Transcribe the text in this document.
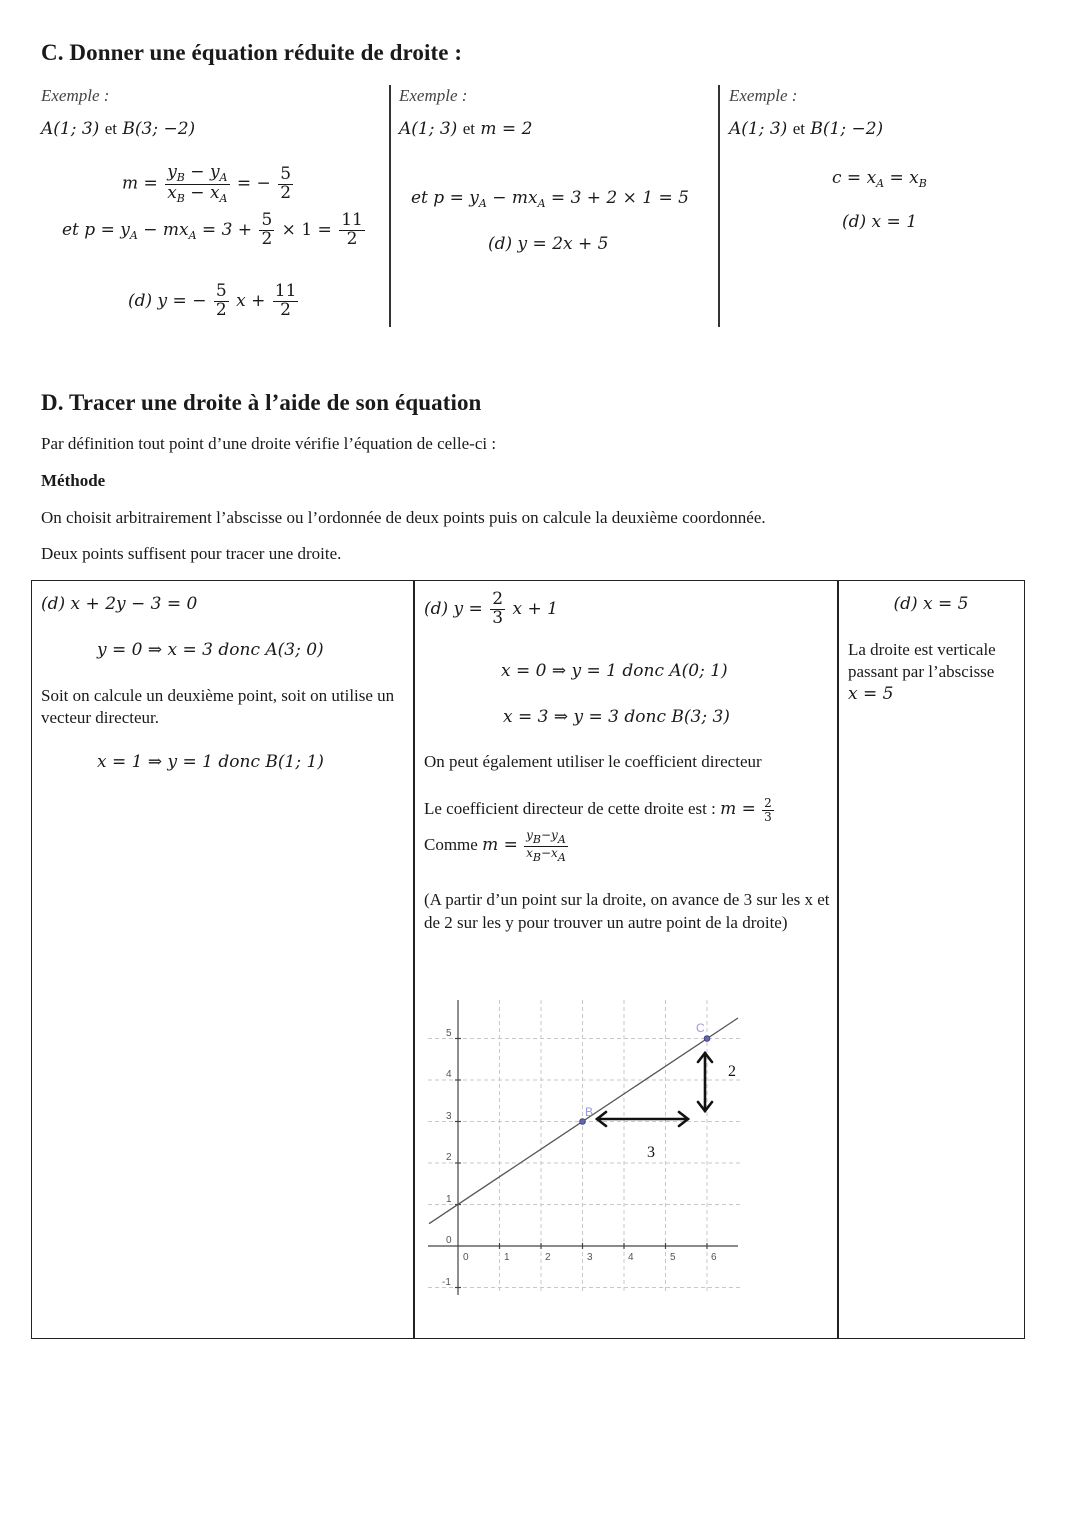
C. Donner une équation réduite de droite :
Exemple :
A(1; 3) et B(3; −2)
$m = \frac{y_B - y_A}{x_B - x_A}$ = − $\frac{5}{2}$
et $p = y_A - mx_A = 3 + \frac{5}{2} \times 1 = \frac{11}{2}$
(d) y = − $\frac{5}{2}$ $x + \frac{11}{2}$
Exemple :
A(1; 3) et m = 2
et $p = y_A - mx_A = 3 + 2 \times 1 = 5$
(d) y = 2x + 5
Exemple :
A(1; 3) et B(1; −2)
$c = x_A = x_B$
(d) x = 1
D. Tracer une droite à l’aide de son équation
Par définition tout point d’une droite vérifie l’équation de celle-ci :
Méthode
On choisit arbitrairement l’abscisse ou l’ordonnée de deux points puis on calcule la deuxième coordonnée.
Deux points suffisent pour tracer une droite.
(d) x + 2y − 3 = 0
y = 0 ⇒ x = 3 donc A(3; 0)
Soit on calcule un deuxième point, soit on utilise un vecteur directeur.
x = 1 ⇒ y = 1 donc B(1; 1)
(d) $y = \frac{2}{3}$ x + 1
x = 0 ⇒ y = 1 donc A(0; 1)
x = 3 ⇒ y = 3 donc B(3; 3)
On peut également utiliser le coefficient directeur
Le coefficient directeur de cette droite est : $m = \frac{2}{3}$
Comme $m = \frac{yB-yA}{xB-xA}$
(A partir d’un point sur la droite, on avance de 3 sur les x et de 2 sur les y pour trouver un autre point de la droite)
0	1	2	3	4	5	6
0
1
2
3
4
5
-1
B
C
3
2
(d) x = 5
La droite est verticale passant par l’abscisse
x = 5
